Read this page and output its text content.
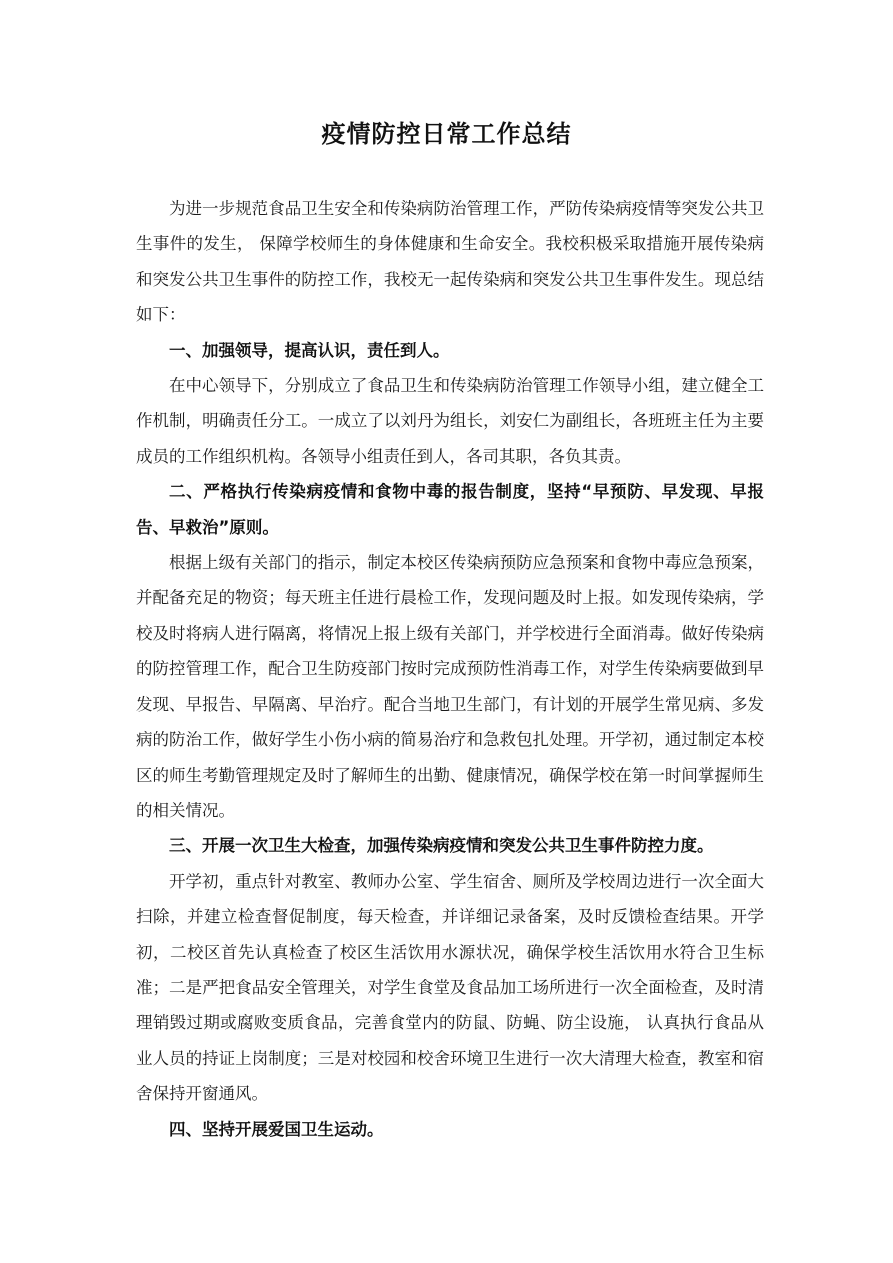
疫情防控日常工作总结

为进一步规范食品卫生安全和传染病防治管理工作，严防传染病疫情等突发公共卫生事件的发生， 保障学校师生的身体健康和生命安全。我校积极采取措施开展传染病和突发公共卫生事件的防控工作，我校无一起传染病和突发公共卫生事件发生。现总结如下：

一、加强领导，提高认识，责任到人。

在中心领导下，分别成立了食品卫生和传染病防治管理工作领导小组，建立健全工作机制，明确责任分工。一成立了以刘丹为组长，刘安仁为副组长，各班班主任为主要成员的工作组织机构。各领导小组责任到人，各司其职，各负其责。

二、严格执行传染病疫情和食物中毒的报告制度，坚持“早预防、早发现、早报告、早救治”原则。

根据上级有关部门的指示，制定本校区传染病预防应急预案和食物中毒应急预案，并配备充足的物资；每天班主任进行晨检工作，发现问题及时上报。如发现传染病，学校及时将病人进行隔离，将情况上报上级有关部门，并学校进行全面消毒。做好传染病的防控管理工作，配合卫生防疫部门按时完成预防性消毒工作，对学生传染病要做到早发现、早报告、早隔离、早治疗。配合当地卫生部门，有计划的开展学生常见病、多发病的防治工作，做好学生小伤小病的简易治疗和急救包扎处理。开学初，通过制定本校区的师生考勤管理规定及时了解师生的出勤、健康情况，确保学校在第一时间掌握师生的相关情况。

三、开展一次卫生大检查，加强传染病疫情和突发公共卫生事件防控力度。

开学初，重点针对教室、教师办公室、学生宿舍、厕所及学校周边进行一次全面大扫除，并建立检查督促制度，每天检查，并详细记录备案，及时反馈检查结果。开学初，二校区首先认真检查了校区生活饮用水源状况，确保学校生活饮用水符合卫生标准；二是严把食品安全管理关，对学生食堂及食品加工场所进行一次全面检查，及时清理销毁过期或腐败变质食品，完善食堂内的防鼠、防蝇、防尘设施， 认真执行食品从业人员的持证上岗制度；三是对校园和校舍环境卫生进行一次大清理大检查，教室和宿舍保持开窗通风。

四、坚持开展爱国卫生运动。
